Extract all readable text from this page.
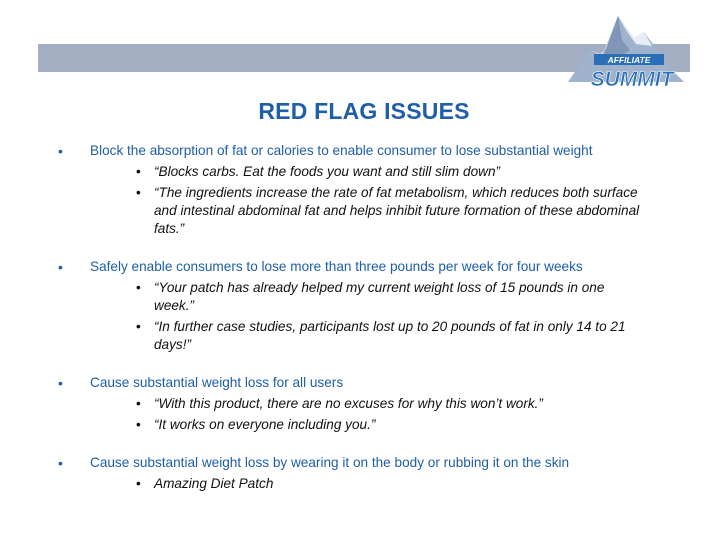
AFFILIATE
SUMMIT
RED FLAG ISSUES
• Block the absorption of fat or calories to enable consumer to lose substantial weight
• “Blocks carbs. Eat the foods you want and still slim down”
• “The ingredients increase the rate of fat metabolism, which reduces both surface and intestinal abdominal fat and helps inhibit future formation of these abdominal fats.”
• Safely enable consumers to lose more than three pounds per week for four weeks
• “Your patch has already helped my current weight loss of 15 pounds in one week.”
• “In further case studies, participants lost up to 20 pounds of fat in only 14 to 21 days!”
• Cause substantial weight loss for all users
• “With this product, there are no excuses for why this won’t work.”
• “It works on everyone including you.”
• Cause substantial weight loss by wearing it on the body or rubbing it on the skin
• Amazing Diet Patch
